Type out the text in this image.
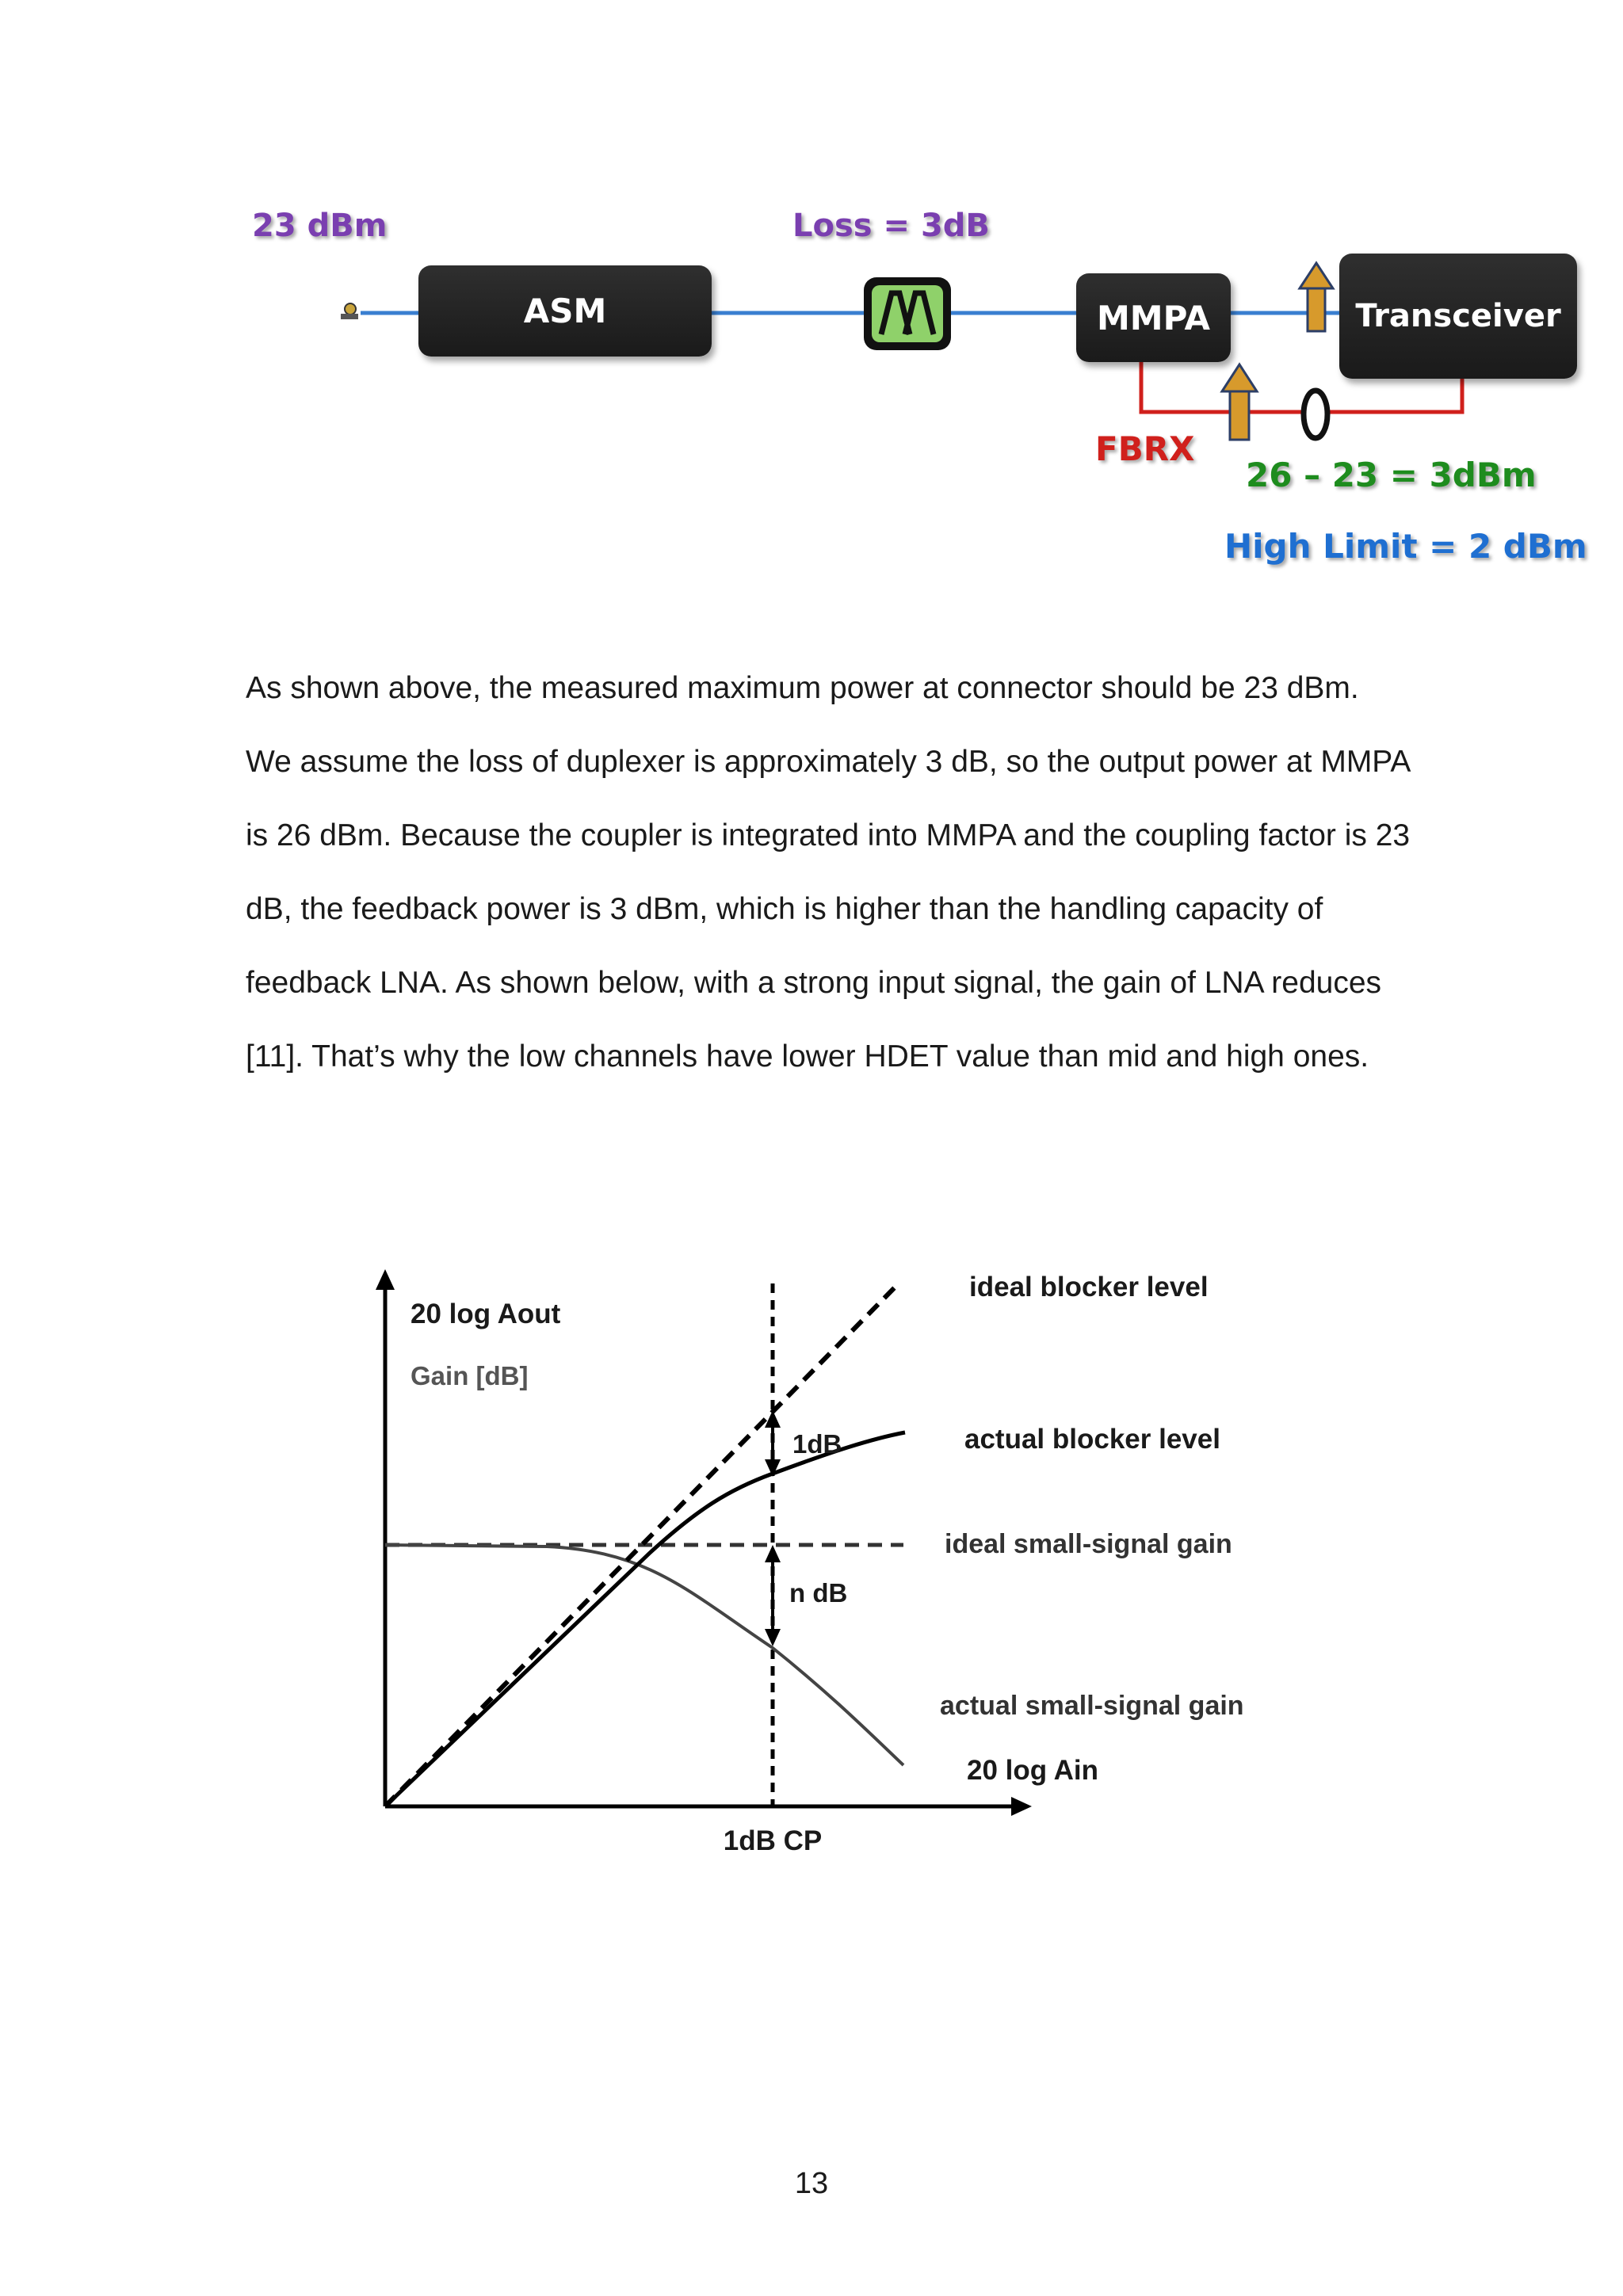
23 dBm	Loss = 3dB
ASM	MMPA	Transceiver
FBRX
26 – 23 = 3dBm
High Limit = 2 dBm

As shown above, the measured maximum power at connector should be 23 dBm. We assume the loss of duplexer is approximately 3 dB, so the output power at MMPA is 26 dBm. Because the coupler is integrated into MMPA and the coupling factor is 23 dB, the feedback power is 3 dBm, which is higher than the handling capacity of feedback LNA. As shown below, with a strong input signal, the gain of LNA reduces [11]. That’s why the low channels have lower HDET value than mid and high ones.

20 log Aout
Gain [dB]
1dB
n dB
ideal blocker level
actual blocker level
ideal small-signal gain
actual small-signal gain
20 log Ain
1dB CP
13
